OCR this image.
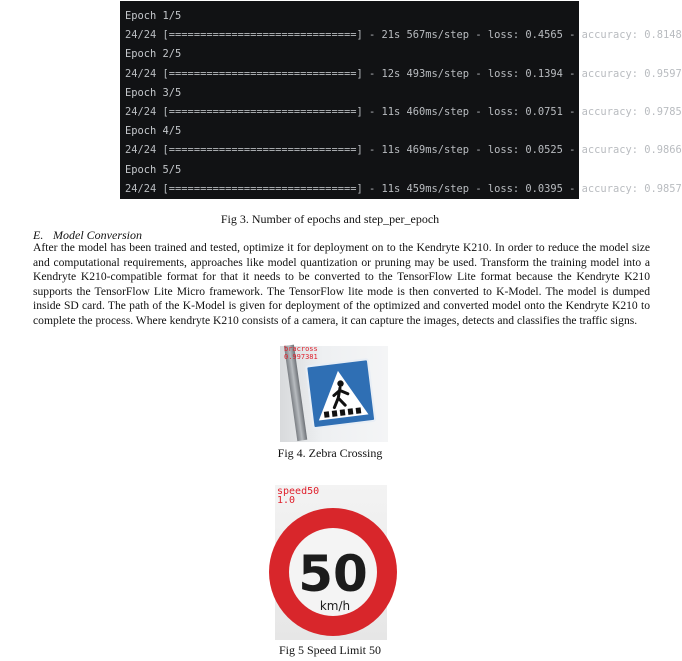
Epoch 1/5
24/24 [==============================] - 21s 567ms/step - loss: 0.4565 - accuracy: 0.8148
Epoch 2/5
24/24 [==============================] - 12s 493ms/step - loss: 0.1394 - accuracy: 0.9597
Epoch 3/5
24/24 [==============================] - 11s 460ms/step - loss: 0.0751 - accuracy: 0.9785
Epoch 4/5
24/24 [==============================] - 11s 469ms/step - loss: 0.0525 - accuracy: 0.9866
Epoch 5/5
24/24 [==============================] - 11s 459ms/step - loss: 0.0395 - accuracy: 0.9857
Fig 3. Number of epochs and step_per_epoch
E. Model Conversion
After the model has been trained and tested, optimize it for deployment on to the Kendryte K210. In order to reduce the model size and computational requirements, approaches like model quantization or pruning may be used. Transform the training model into a Kendryte K210-compatible format for that it needs to be converted to the TensorFlow Lite format because the Kendryte K210 supports the TensorFlow Lite Micro framework. The TensorFlow lite mode is then converted to K-Model. The model is dumped inside SD card. The path of the K-Model is given for deployment of the optimized and converted model onto the Kendryte K210 to complete the process. Where kendryte K210 consists of a camera, it can capture the images, detects and classifies the traffic signs.
bracross
0.997381
Fig 4. Zebra Crossing
50
km/h
speed50
1.0
Fig 5 Speed Limit 50
